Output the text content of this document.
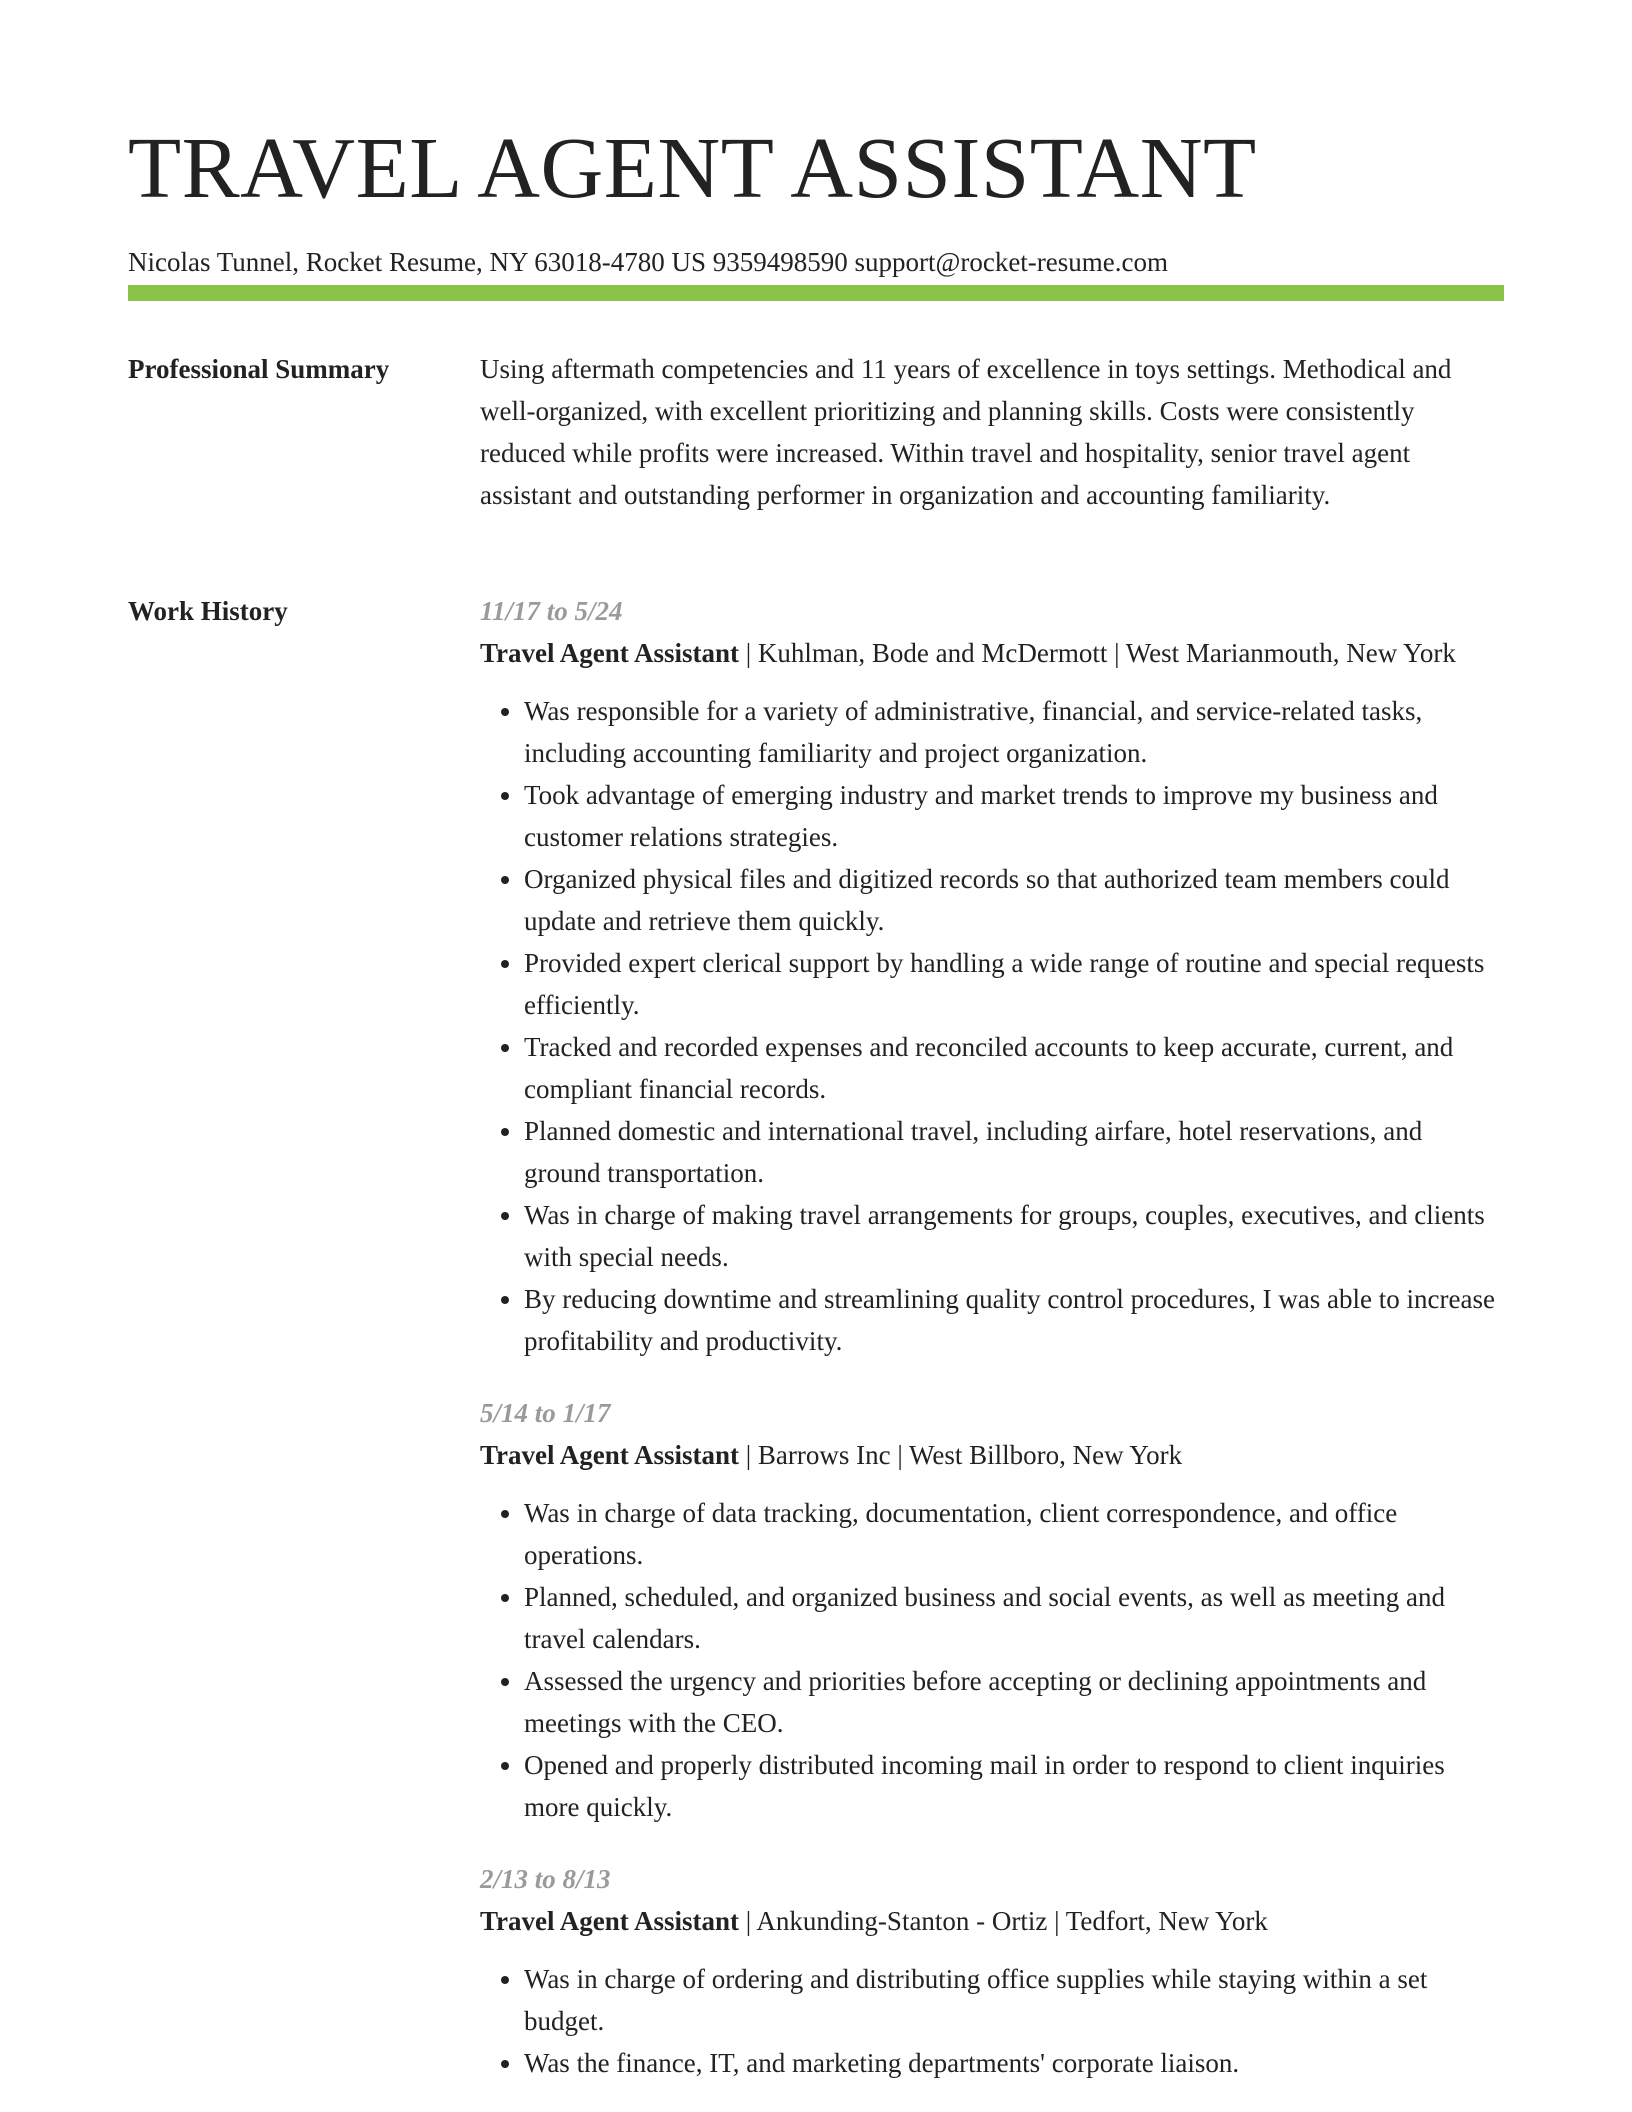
TRAVEL AGENT ASSISTANT
Nicolas Tunnel, Rocket Resume, NY 63018-4780 US 9359498590 support@rocket-resume.com
Professional Summary	Using aftermath competencies and 11 years of excellence in toys settings. Methodical and well-organized, with excellent prioritizing and planning skills. Costs were consistently reduced while profits were increased. Within travel and hospitality, senior travel agent assistant and outstanding performer in organization and accounting familiarity.

Work History	11/17 to 5/24
Travel Agent Assistant | Kuhlman, Bode and McDermott | West Marianmouth, New York
• Was responsible for a variety of administrative, financial, and service-related tasks, including accounting familiarity and project organization.
• Took advantage of emerging industry and market trends to improve my business and customer relations strategies.
• Organized physical files and digitized records so that authorized team members could update and retrieve them quickly.
• Provided expert clerical support by handling a wide range of routine and special requests efficiently.
• Tracked and recorded expenses and reconciled accounts to keep accurate, current, and compliant financial records.
• Planned domestic and international travel, including airfare, hotel reservations, and ground transportation.
• Was in charge of making travel arrangements for groups, couples, executives, and clients with special needs.
• By reducing downtime and streamlining quality control procedures, I was able to increase profitability and productivity.
5/14 to 1/17
Travel Agent Assistant | Barrows Inc | West Billboro, New York
• Was in charge of data tracking, documentation, client correspondence, and office operations.
• Planned, scheduled, and organized business and social events, as well as meeting and travel calendars.
• Assessed the urgency and priorities before accepting or declining appointments and meetings with the CEO.
• Opened and properly distributed incoming mail in order to respond to client inquiries more quickly.
2/13 to 8/13
Travel Agent Assistant | Ankunding-Stanton - Ortiz | Tedfort, New York
• Was in charge of ordering and distributing office supplies while staying within a set budget.
• Was the finance, IT, and marketing departments' corporate liaison.
